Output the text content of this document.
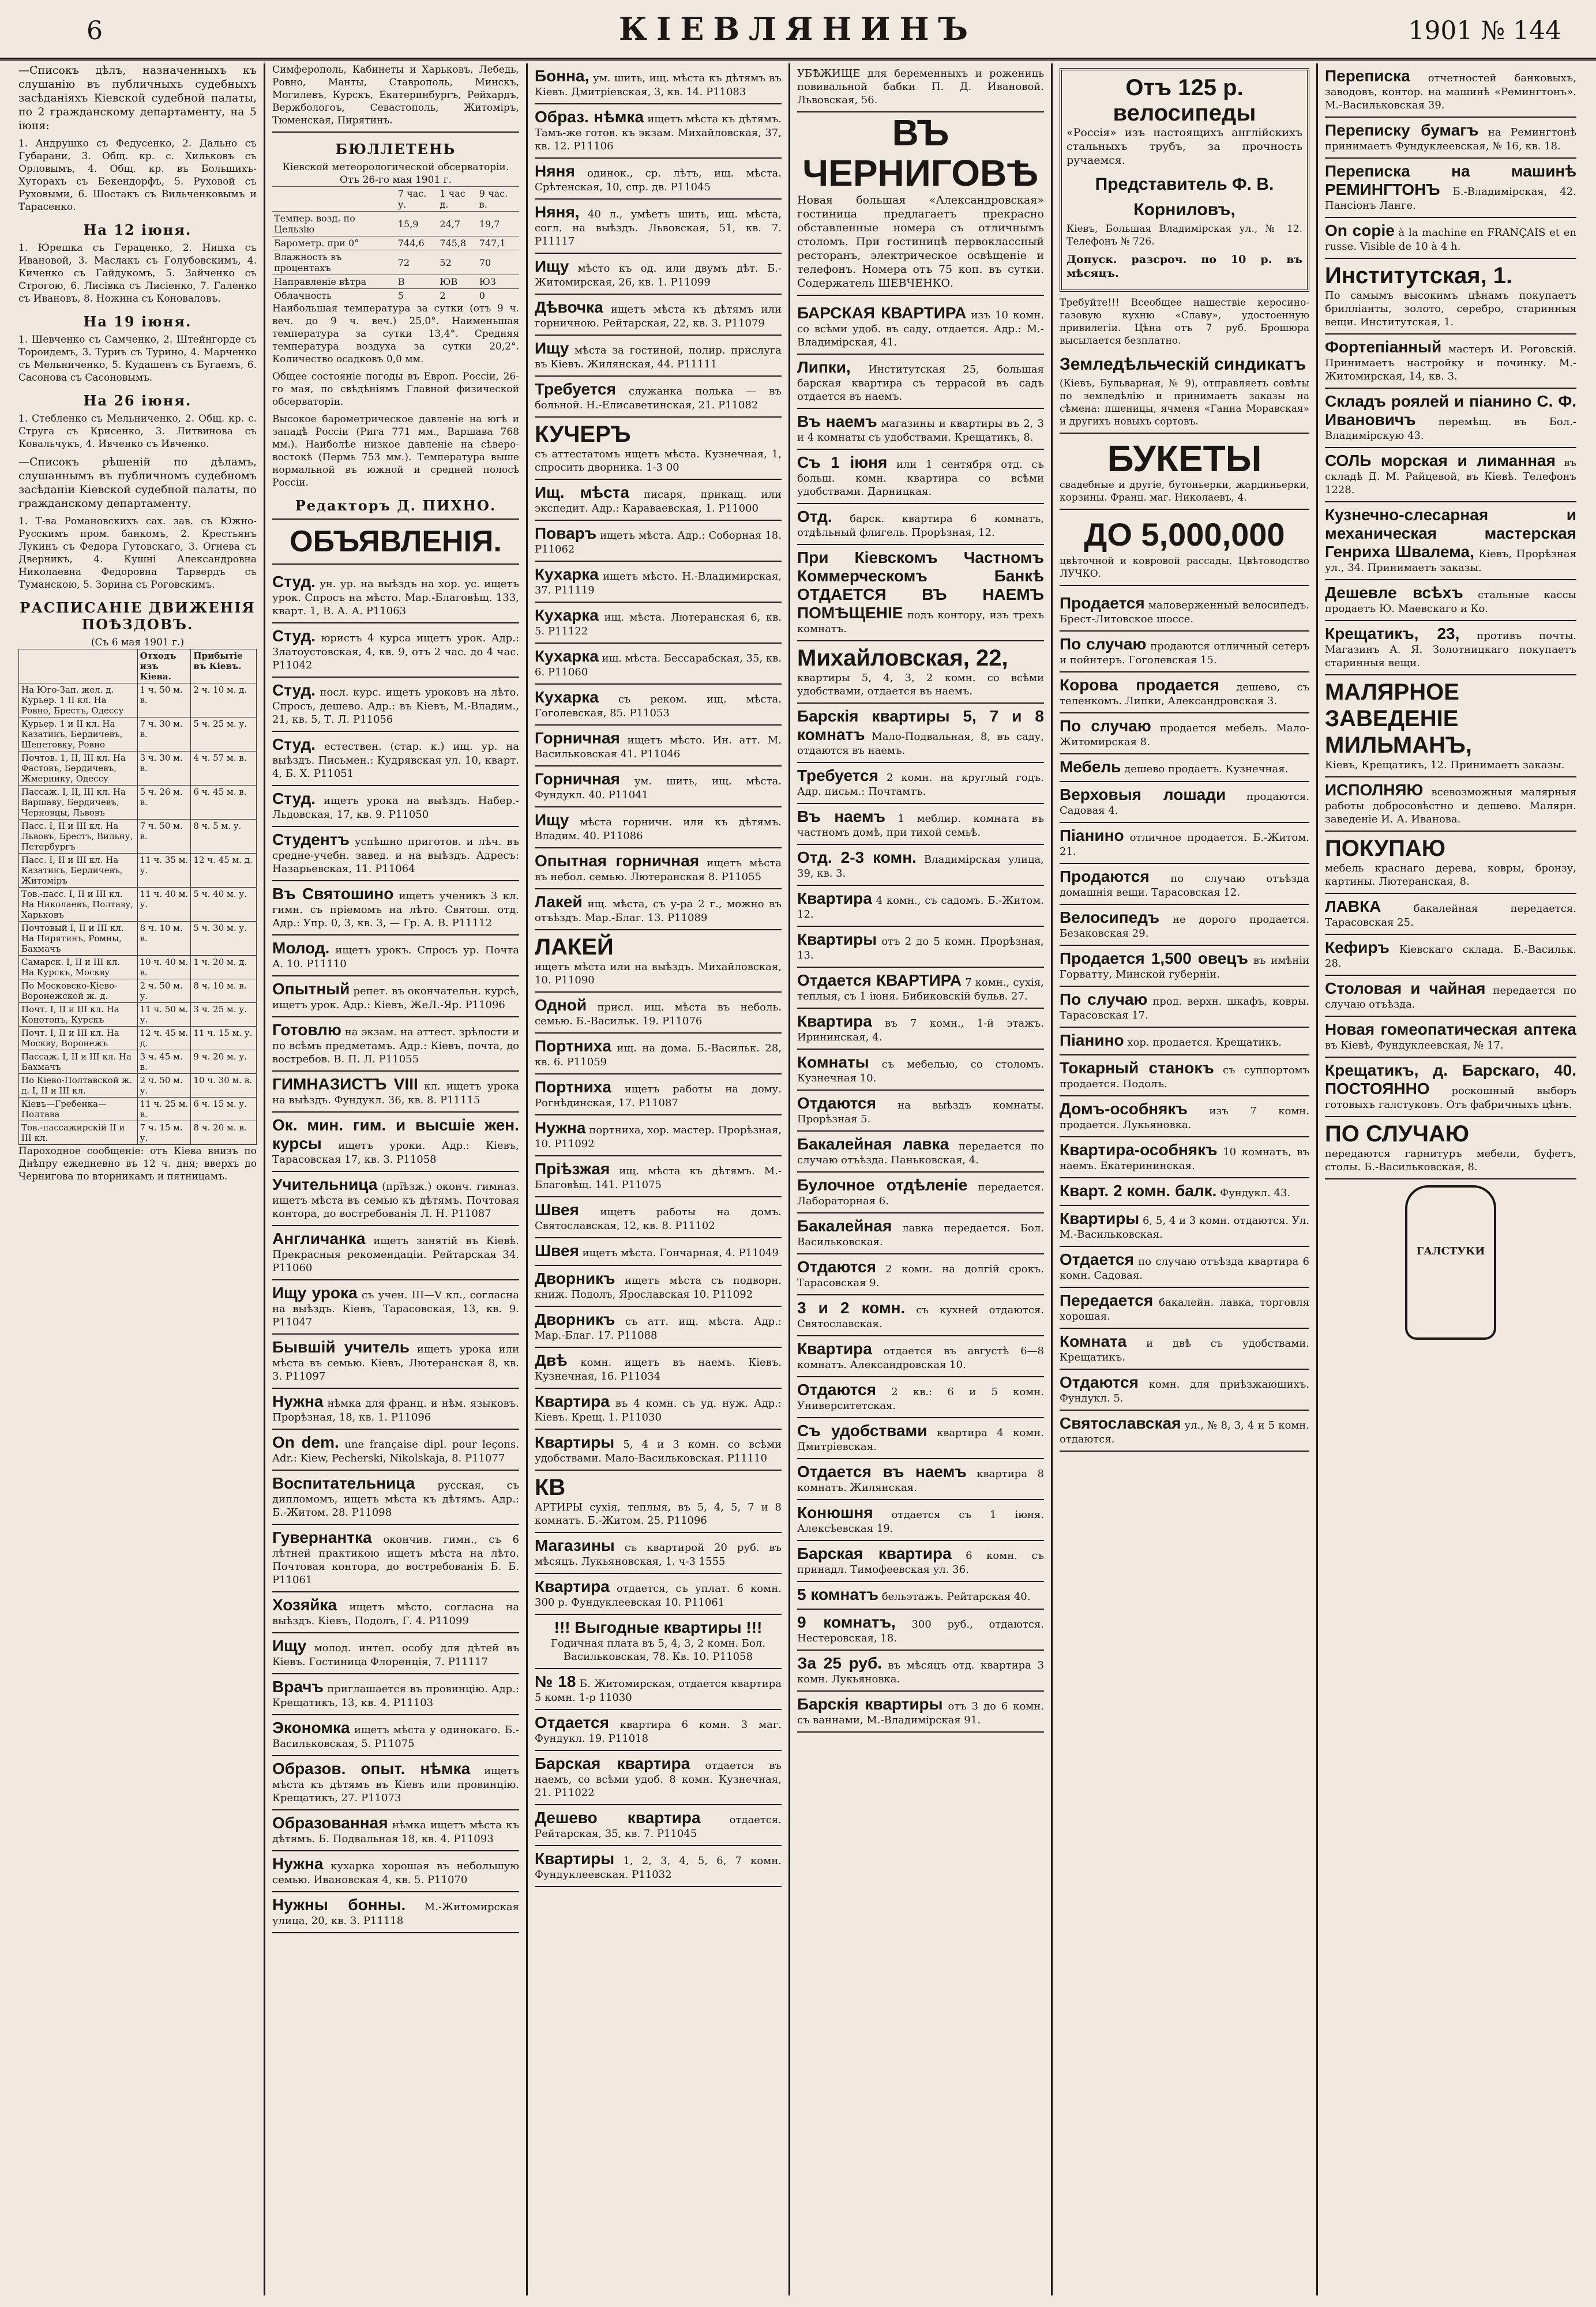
6	КІЕВЛЯНИНЪ	1901 № 144

—Списокъ дѣлъ, назначенныхъ къ слушанію въ публичныхъ судебныхъ засѣданіяхъ Кіевской судебной палаты, по 2 гражданскому департаменту, на 5 іюня:

1. Андрушко съ Федусенко, 2. Дальнo съ Губарани, 3. Общ. кр. с. Хильковъ съ Орловымъ, 4. Общ. кр. въ Большихъ-Хуторахъ съ Бекендорфъ, 5. Руховой съ Руховыми, 6. Шостакъ съ Вильченковымъ и Тарасенко.

На 12 іюня.

1. Юрешка съ Гераценко, 2. Ницха съ Ивановой, 3. Маслакъ съ Голубовскимъ, 4. Киченко съ Гайдукомъ, 5. Зайченко съ Строгою, 6. Лисівка съ Лисіенко, 7. Галенко съ Ивановъ, 8. Ножина съ Коноваловъ.

На 19 іюня.

1. Шевченко съ Самченко, 2. Штейнгорде съ Тороидемъ, 3. Туриъ съ Турино, 4. Марченко съ Мельниченко, 5. Кудашенъ съ Бугаемъ, 6. Сасонова съ Сасоновымъ.

На 26 іюня.

1. Стебленко съ Мельниченко, 2. Общ. кр. с. Струга съ Крисенко, 3. Литвинова съ Ковальчукъ, 4. Ивченко съ Ивченко.

—Списокъ рѣшеній по дѣламъ, слушаннымъ въ публичномъ судебномъ засѣданіи Кіевской судебной палаты, по гражданскому департаменту.

1. Т-ва Романовскихъ сах. зав. съ Южно-Русскимъ пром. банкомъ, 2. Крестьянъ Лукинъ съ Федора Гутовскаго, 3. Огнева съ Дверникъ, 4. Кушні Александровна Николаевна Федоровна Тарвердъ съ Туманскою, 5. Зорина съ Роговскимъ.

РАСПИСАНІЕ ДВИЖЕНІЯ ПОѢЗДОВЪ.
(Съ 6 мая 1901 г.)
	Отходъ изъ Кіева.	Прибытіе въ Кіевъ.
На Юго-Зап. жел. д. Курьер. 1 II кл. На Ровно, Брестъ, Одессу	1 ч. 50 м. в.	2 ч. 10 м. д.
Курьер. 1 и II кл. На Казатинъ, Бердичевъ, Шепетовку, Ровно	7 ч. 30 м. в.	5 ч. 25 м. у.
Почтов. 1, II, III кл. На Фастовъ, Бердичевъ, Жмеринку, Одессу	3 ч. 30 м. в.	4 ч. 57 м. в.
Пассаж. I, II, III кл. На Варшаву, Бердичевъ, Черновцы, Львовъ	5 ч. 26 м. в.	6 ч. 45 м. в.
Пасс. I, II и III кл. На Львовъ, Брестъ, Вильну, Петербургъ	7 ч. 50 м. в.	8 ч. 5 м. у.
Пасс. I, II и III кл. На Казатинъ, Бердичевъ, Житоміръ	11 ч. 35 м. у.	12 ч. 45 м. д.
Тов.-пасс. I, II и III кл. На Николаевъ, Полтаву, Харьковъ	11 ч. 40 м. у.	5 ч. 40 м. у.
Почтовый I, II и III кл. На Пирятинъ, Ромны, Бахмачъ	8 ч. 10 м. в.	5 ч. 30 м. у.
Самарск. I, II и III кл. На Курскъ, Москву	10 ч. 40 м. в.	1 ч. 20 м. д.
По Московско-Кіево-Воронежской ж. д.	2 ч. 50 м. у.	8 ч. 10 м. в.
Почт. I, II и III кл. На Конотопъ, Курскъ	11 ч. 50 м. у.	3 ч. 25 м. у.
Почт. I, II и III кл. На Москву, Воронежъ	12 ч. 45 м. д.	11 ч. 15 м. у.
Пассаж. I, II и III кл. На Бахмачъ	3 ч. 45 м. в.	9 ч. 20 м. у.
По Кіево-Полтавской ж. д. I, II и III кл.	2 ч. 50 м. у.	10 ч. 30 м. в.
Кіевъ—Грeбенка—Полтава	11 ч. 25 м. в.	6 ч. 15 м. у.
Тов.-пассажирскій II и III кл.	7 ч. 15 м. у.	8 ч. 20 м. в.

Пароходное сообщеніе: отъ Кіева внизъ по Днѣпру ежедневно въ 12 ч. дня; вверхъ до Чернигова по вторникамъ и пятницамъ.

Симферополь, Кабинеты и Харьковъ, Лебедь, Ровно, Манты, Ставрополь, Минскъ, Могилевъ, Курскъ, Екатеринбургъ, Рейхардъ, Вержбологоъ, Севастополь, Житоміръ, Тюменская, Пирятинъ.

БЮЛЛЕТЕНЬ
Кіевской метеорологической обсерваторіи.
Отъ 26-го мая 1901 г.
	7 час. у.	1 час д.	9 час. в.
Темпер. возд. по Цельзію	15,9	24,7	19,7
Барометр. при 0°	744,6	745,8	747,1
Влажность въ процентахъ	72	52	70
Направленіе вѣтра	В	ЮВ	ЮЗ
Облачность	5	2	0

Наибольшая температура за сутки (отъ 9 ч. веч. до 9 ч. веч.) 25,0°. Наименьшая температура за сутки 13,4°. Средняя температура воздуха за сутки 20,2°. Количество осадковъ 0,0 мм.

Общее состояніе погоды въ Европ. Россіи, 26-го мая, по свѣдѣніямъ Главной физической обсерваторіи.

Высокое барометрическое давленіе на югѣ и западѣ Россіи (Рига 771 мм., Варшава 768 мм.). Наиболѣе низкое давленіе на сѣверо-востокѣ (Пермь 753 мм.). Температура выше нормальной въ южной и средней полосѣ Россіи.

Редакторъ Д. ПИХНО.
ОБЪЯВЛЕНІЯ.
Студ. ун. ур. на выѣздъ на хор. ус. ищетъ урок. Спросъ на мѣсто. Мар.-Благовѣщ. 133, кварт. 1, В. А. А. Р11063
Студ. юристъ 4 курса ищетъ урок. Адр.: Златоустовская, 4, кв. 9, отъ 2 час. до 4 час. Р11042
Студ. посл. курс. ищетъ уроковъ на лѣто. Спросъ, дешево. Адр.: въ Кіевъ, М.-Владим., 21, кв. 5, Т. Л. Р11056
Студ. естествен. (стар. к.) ищ. ур. на выѣздъ. Письмен.: Кудрявская ул. 10, кварт. 4, Б. Х. Р11051
Студ. ищетъ урока на выѣздъ. Набер.-Льдовская, 17, кв. 9. Р11050
Студентъ успѣшно приготов. и лѣч. въ средне-учебн. завед. и на выѣздъ. Адресъ: Назарьевская, 11. Р11064
Въ Святошино ищетъ ученикъ 3 кл. гимн. съ пріемомъ на лѣто. Святош. отд. Адр.: Упр. 0, 3, кв. 3, — Гр. А. В. Р11112
Молод. ищетъ урокъ. Спросъ ур. Почта А. 10. Р11110
Опытный репет. въ окончательн. курсѣ, ищетъ урок. Адр.: Кіевъ, ЖеЛ.-Яр. Р11096
Готовлю на экзам. на аттест. зрѣлости и по всѣмъ предметамъ. Адр.: Кіевъ, почта, до востребов. В. П. Л. Р11055
ГИМНАЗИСТЪ VIII кл. ищетъ урока на выѣздъ. Фундукл. 36, кв. 8. Р11115
Ок. мин. гим. и высшіе жен. курсы ищетъ уроки. Адр.: Кіевъ, Тарасовская 17, кв. 3. Р11058
Учительница (прїѣзж.) оконч. гимназ. ищетъ мѣста въ семью къ дѣтямъ. Почтовая контора, до востребованія Л. Н. Р11087
Англичанка ищетъ занятій въ Кіевѣ. Прекрасныя рекомендаціи. Рейтарская 34. Р11060
Ищу урока съ учен. III—V кл., согласна на выѣздъ. Кіевъ, Тарасовская, 13, кв. 9. Р11047
Бывшій учитель ищетъ урока или мѣста въ семью. Кіевъ, Лютеранская 8, кв. 3. Р11097
Нужна нѣмка для франц. и нѣм. языковъ. Прорѣзная, 18, кв. 1. Р11096
On dem. une française dipl. pour leçons. Adr.: Kiew, Pecherski, Nikolskaja, 8. Р11077
Воспитательница русская, съ дипломомъ, ищетъ мѣста къ дѣтямъ. Адр.: Б.-Житом. 28. Р11098
Гувернантка окончив. гимн., съ 6 лѣтней практикою ищетъ мѣста на лѣто. Почтовая контора, до востребованія Б. Б. Р11061
Хозяйка ищетъ мѣсто, согласна на выѣздъ. Кіевъ, Подолъ, Г. 4. Р11099
Ищу молод. интел. особу для дѣтей въ Кіевъ. Гостиница Флоренція, 7. Р11117
Врачъ приглашается въ провинцію. Адр.: Крещатикъ, 13, кв. 4. Р11103
Экономка ищетъ мѣста у одинокаго. Б.-Васильковская, 5. Р11075
Образов. опыт. нѣмка ищетъ мѣста къ дѣтямъ въ Кіевъ или провинцію. Крещатикъ, 27. Р11073
Образованная нѣмка ищетъ мѣста къ дѣтямъ. Б. Подвальная 18, кв. 4. Р11093
Нужна кухарка хорошая въ небольшую семью. Ивановская 4, кв. 5. Р11070
Нужны бонны. М.-Житомирская улица, 20, кв. 3. Р11118
Бонна, ум. шить, ищ. мѣста къ дѣтямъ въ Кіевъ. Дмитріевская, 3, кв. 14. Р11083
Образ. нѣмка ищетъ мѣста къ дѣтямъ. Тамъ-же готов. къ экзам. Михайловская, 37, кв. 12. Р11106
Няня одинок., ср. лѣтъ, ищ. мѣста. Срѣтенская, 10, спр. дв. Р11045
Няня, 40 л., умѣетъ шить, ищ. мѣста, согл. на выѣздъ. Львовская, 51, кв. 7. Р11117
Ищу мѣсто къ од. или двумъ дѣт. Б.-Житомирская, 26, кв. 1. Р11099
Дѣвочка ищетъ мѣста къ дѣтямъ или горничною. Рейтарская, 22, кв. 3. Р11079
Ищу мѣста за гостиной, полир. прислуга въ Кіевъ. Жилянская, 44. Р11111
Требуется служанка полька — въ больной. Н.-Елисаветинская, 21. Р11082
КУЧЕРЪ
съ аттестатомъ ищетъ мѣста. Кузнечная, 1, спросить дворника. 1-3 00
Ищ. мѣста писаря, прикащ. или экспедит. Адр.: Караваевская, 1. Р11000
Поваръ ищетъ мѣста. Адр.: Соборная 18. Р11062
Кухарка ищетъ мѣсто. Н.-Владимирская, 37. Р11119
Кухарка ищ. мѣста. Лютеранская 6, кв. 5. Р11122
Кухарка ищ. мѣста. Бессарабская, 35, кв. 6. Р11060
Кухарка съ реком. ищ. мѣста. Гоголевская, 85. Р11053
Горничная ищетъ мѣсто. Ин. атт. М. Васильковская 41. Р11046
Горничная ум. шить, ищ. мѣста. Фундукл. 40. Р11041
Ищу мѣста горничн. или къ дѣтямъ. Владим. 40. Р11086
Опытная горничная ищетъ мѣста въ небол. семью. Лютеранская 8. Р11055
Лакей ищ. мѣста, съ у-ра 2 г., можно въ отъѣздъ. Мар.-Благ. 13. Р11089
ЛАКЕЙ
ищетъ мѣста или на выѣздъ. Михайловская, 10. Р11090
Одной присл. ищ. мѣста въ неболь. семью. Б.-Васильк. 19. Р11076
Портниха ищ. на дома. Б.-Васильк. 28, кв. 6. Р11059
Портниха ищетъ работы на дому. Рогнѣдинская, 17. Р11087
Нужна портниха, хор. мастер. Прорѣзная, 10. Р11092
Прiѣзжая ищ. мѣста къ дѣтямъ. М.-Благовѣщ. 141. Р11075
Швея ищетъ работы на домъ. Святославская, 12, кв. 8. Р11102
Швея ищетъ мѣста. Гончарная, 4. Р11049
Дворникъ ищетъ мѣста съ подворн. книж. Подолъ, Ярославская 10. Р11092
Дворникъ съ атт. ищ. мѣста. Адр.: Мар.-Благ. 17. Р11088
Двѣ комн. ищетъ въ наемъ. Кіевъ. Кузнечная, 16. Р11034
Квартира въ 4 комн. съ уд. нуж. Адр.: Кіевъ. Крещ. 1. Р11030
Квартиры 5, 4 и 3 комн. со всѣми удобствами. Мало-Васильковская. Р11110
КВ
АРТИРЫ сухія, теплыя, въ 5, 4, 5, 7 и 8 комнатъ. Б.-Житом. 25. Р11096
Магазины съ квартирой 20 руб. въ мѣсяцъ. Лукьяновская, 1. ч-3 1555
Квартира отдается, съ уплат. 6 комн. 300 р. Фундуклеевская 10. Р11061
!!! Выгодные квартиры !!! Годичная плата въ 5, 4, 3, 2 комн. Бол. Васильковская, 78. Кв. 10. Р11058
№ 18 Б. Житомирская, отдается квартира 5 комн. 1-р 11030
Отдается квартира 6 комн. 3 маг. Фундукл. 19. Р11018
Барская квартира отдается въ наемъ, со всѣми удоб. 8 комн. Кузнечная, 21. Р11022
Дешево квартира	отдается. Рейтарская, 35, кв. 7. Р11045
Квартиры 1, 2, 3, 4, 5, 6, 7 комн. Фундуклеевская. Р11032
УБѢЖИЩЕ для беременныхъ и рожениць повивальной бабки П. Д. Ивановой. Львовская, 56.
ВЪ ЧЕРНИГОВѢ

Новая большая «Александровская» гостиница предлагаетъ прекрасно обставленные номера съ отличнымъ столомъ. При гостиницѣ первоклассный ресторанъ, электрическое освѣщеніе и телефонъ. Номера отъ 75 коп. въ сутки. Содержатель ШЕВЧЕНКО.

БАРСКАЯ КВАРТИРА изъ 10 комн. со всѣми удоб. въ саду, отдается. Адр.: М.-Владимірская, 41.
Липки, Институтская 25, большая барская квартира съ террасой въ садъ отдается въ наемъ.
Въ наемъ магазины и квартиры въ 2, 3 и 4 комнаты съ удобствами. Крещатикъ, 8.
Съ 1 іюня или 1 сентября отд. съ больш. комн. квартира со всѣми удобствами. Дарницкая.
Отд. барск. квартира 6 комнатъ, отдѣльный флигель. Прорѣзная, 12.
При Кіевскомъ Частномъ Коммерческомъ Банкѣ ОТДАЕТСЯ ВЪ НАЕМЪ ПОМѢЩЕНІЕ подъ контору, изъ трехъ комнатъ.
Михайловская, 22,
квартиры 5, 4, 3, 2 комн. со всѣми удобствами, отдается въ наемъ.
Барскія квартиры 5, 7 и 8 комнатъ Мало-Подвальная, 8, въ саду, отдаются въ наемъ.
Требуется 2 комн. на круглый годъ. Адр. письм.: Почтамтъ.
Въ наемъ 1 меблир. комната въ частномъ домѣ, при тихой семьѣ.
Отд. 2-3 комн. Владимірская улица, 39, кв. 3.
Квартира 4 комн., съ садомъ. Б.-Житом. 12.
Квартиры отъ 2 до 5 комн. Прорѣзная, 13.
Отдается КВАРТИРА 7 комн., сухія, теплыя, съ 1 іюня. Бибиковскій бульв. 27.
Квартира въ 7 комн., 1-й этажъ. Ирининская, 4.
Комнаты съ мебелью, со столомъ. Кузнечная 10.
Отдаются на выѣздъ комнаты. Прорѣзная 5.
Бакалейная лавка передается по случаю отъѣзда. Паньковская, 4.
Булочное отдѣленіе передается. Лабораторная 6.
Бакалейная лавка передается. Бол. Васильковская.
Отдаются 2 комн. на долгій срокъ. Тарасовская 9.
3 и 2 комн. съ кухней отдаются. Святославская.
Квартира отдается въ августѣ 6—8 комнатъ. Александровская 10.
Отдаются 2 кв.: 6 и 5 комн. Университетская.
Съ удобствами квартира 4 комн. Дмитріевская.
Отдается въ наемъ квартира 8 комнатъ. Жилянская.
Конюшня отдается съ 1 іюня. Алексѣевская 19.
Барская квартира 6 комн. съ принадл. Тимофеевская ул. 36.
5 комнатъ бельэтажъ. Рейтарская 40.
9 комнатъ, 300 руб., отдаются. Нестеровская, 18.
За 25 руб. въ мѣсяцъ отд. квартира 3 комн. Лукьяновка.
Барскія квартиры отъ 3 до 6 комн. съ ваннами, М.-Владимірская 91.
Отъ 125 р. велосипеды
«Россія» изъ настоящихъ англійскихъ стальныхъ трубъ, за прочность ручаемся.
Представитель Ф. В. Корниловъ,
Кіевъ, Большая Владимірская ул., № 12. Телефонъ № 726.
Допуск. разсроч. по 10 р. въ мѣсяцъ.

Требуйте!!! Всеобщее нашествіе керосино-газовую кухню «Славу», удостоенную привилегіи. Цѣна отъ 7 руб. Брошюра высылается безплатно.

Земледѣльческій синдикатъ

(Кіевъ, Бульварная, № 9), отправляетъ совѣты по земледѣлію и принимаетъ заказы на сѣмена: пшеницы, ячменя «Ганна Моравская» и другихъ новыхъ сортовъ.

БУКЕТЫ

свадебные и другіе, бутоньерки, жардиньерки, корзины. Франц. маг. Николаевъ, 4.

ДО 5,000,000

цвѣточной и ковровой рассады. Цвѣтоводство ЛУЧКО.

Продается маловерженный велосипедъ. Брест-Литовское шоссе.
По случаю продаются отличный сетеръ и пойнтеръ. Гоголевская 15.
Корова продается дешево, съ теленкомъ. Липки, Александровская 3.
По случаю продается мебель. Мало-Житомирская 8.
Мебель дешево продаетъ. Кузнечная.
Верховыя лошади продаются. Садовая 4.
Піанино отличное продается. Б.-Житом. 21.
Продаются по случаю отъѣзда домашнія вещи. Тарасовская 12.
Велосипедъ не дорого продается. Безаковская 29.
Продается 1,500 овецъ въ имѣніи Горватту, Минской губерніи.
По случаю прод. верхн. шкафъ, ковры. Тарасовская 17.
Піанино хор. продается. Крещатикъ.
Токарный станокъ съ суппортомъ продается. Подолъ.
Домъ-особнякъ изъ 7 комн. продается. Лукьяновка.
Квартира-особнякъ 10 комнатъ, въ наемъ. Екатерининская.
Кварт. 2 комн. балк. Фундукл. 43.
Квартиры 6, 5, 4 и 3 комн. отдаются. Ул. М.-Васильковская.
Отдается по случаю отъѣзда квартира 6 комн. Садовая.
Передается бакалейн. лавка, торговля хорошая.
Комната и двѣ съ удобствами. Крещатикъ.
Отдаются комн. для приѣзжающихъ. Фундукл. 5.
Святославская ул., № 8, 3, 4 и 5 комн. отдаются.
Переписка отчетностей банковыхъ, заводовъ, контор. на машинѣ «Ремингтонъ». М.-Васильковская 39.
Переписку бумагъ на Ремингтонѣ принимаетъ Фундуклеевская, № 16, кв. 18.
Переписка на машинѣ РЕМИНГТОНЪ Б.-Владимірская, 42. Пансіонъ Ланге.
On copie à la machine en FRANÇAIS et en russe. Visible de 10 à 4 h.
Институтская, 1.
По самымъ высокимъ цѣнамъ покупаетъ брилліанты, золото, серебро, старинныя вещи. Институтская, 1.
Фортепіанный мастеръ И. Роговскій. Принимаетъ настройку и починку. М.-Житомирская, 14, кв. 3.
Складъ роялей и піанино С. Ф. Ивановичъ перемѣщ. въ Бол.-Владимірскую 43.
СОЛЬ морская и лиманная въ складѣ Д. М. Райцевой, въ Кіевѣ. Телефонъ 1228.
Кузнечно-слесарная и механическая мастерская Генриха Швалема, Кіевъ, Прорѣзная ул., 34. Принимаетъ заказы.
Дешевле всѣхъ стальные кассы продаетъ Ю. Маевскаго и Ко.
Крещатикъ, 23, противъ почты. Магазинъ А. Я. Золотницкаго покупаетъ старинныя вещи.
МАЛЯРНОЕ ЗАВЕДЕНІЕ МИЛЬМАНЪ,
Кіевъ, Крещатикъ, 12. Принимаетъ заказы.
ИСПОЛНЯЮ всевозможныя малярныя работы добросовѣстно и дешево. Малярн. заведеніе И. А. Иванова.
ПОКУПАЮ
мебель краснаго дерева, ковры, бронзу, картины. Лютеранская, 8.
ЛАВКА	бакалейная передается. Тарасовская 25.
Кефиръ Кіевскаго склада. Б.-Васильк. 28.
Столовая и чайная передается по случаю отъѣзда.
Новая гомеопатическая аптека въ Кіевѣ, Фундуклеевская, № 17.
Крещатикъ, д. Барскаго, 40. ПОСТОЯННО роскошный выборъ готовыхъ галстуковъ. Отъ фабричныхъ цѣнъ.
ПО СЛУЧАЮ
передаются гарнитуръ мебели, буфетъ, столы. Б.-Васильковская, 8.
ГАЛСТУКИ
